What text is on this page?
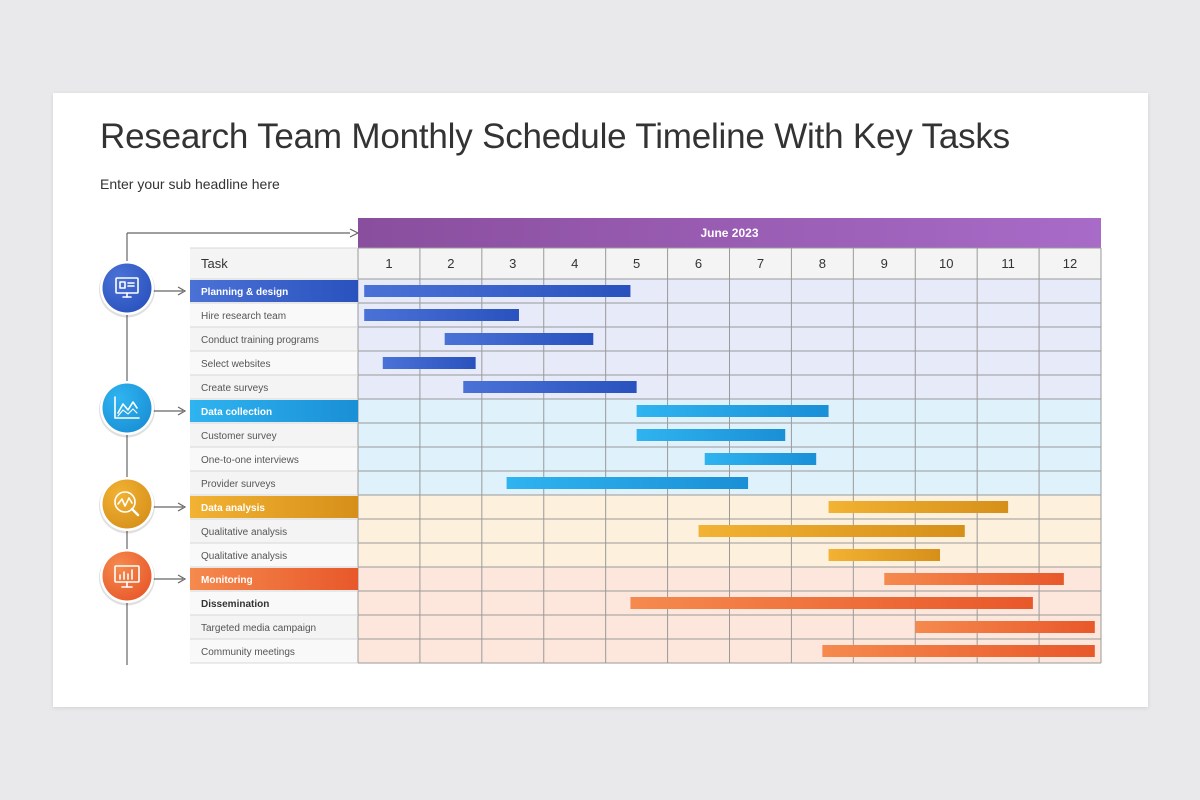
Research Team Monthly Schedule Timeline With Key Tasks
Enter your sub headline here
June 2023
Task	1	2	3	4	5	6	7	8	9	10	11	12
Planning & design
Hire research team
Conduct training programs
Select websites
Create surveys
Data collection
Customer survey
One-to-one interviews
Provider surveys
Data analysis
Qualitative analysis
Qualitative analysis
Monitoring
Dissemination
Targeted media campaign
Community meetings
